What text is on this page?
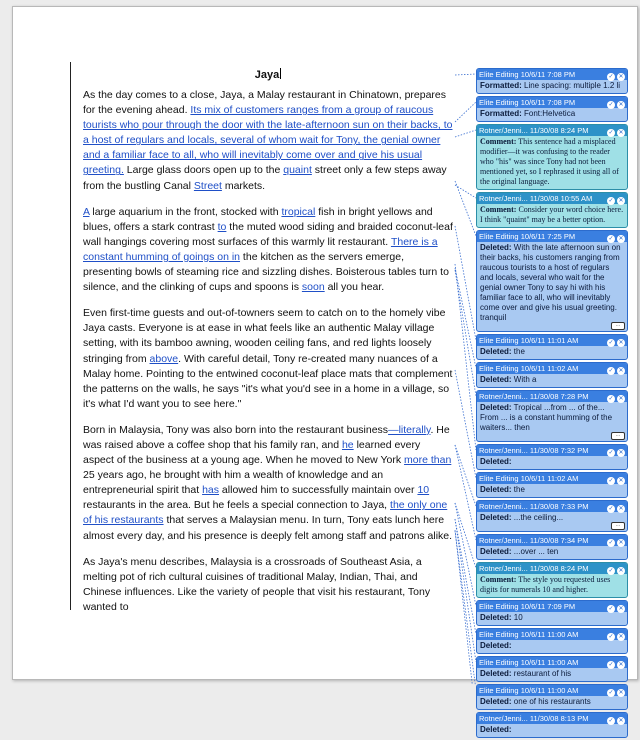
Jaya

As the day comes to a close, Jaya, a Malay restaurant in Chinatown, prepares for the evening ahead. Its mix of customers ranges from a group of raucous tourists who pour through the door with the late-afternoon sun on their backs, to a host of regulars and locals, several of whom wait for Tony, the genial owner and a familiar face to all, who will inevitably come over and give his usual greeting. Large glass doors open up to the quaint street only a few steps away from the bustling Canal Street markets.

A large aquarium in the front, stocked with tropical fish in bright yellows and blues, offers a stark contrast to the muted wood siding and braided coconut-leaf wall hangings covering most surfaces of this warmly lit restaurant. There is a constant humming of goings on in the kitchen as the servers emerge, presenting bowls of steaming rice and sizzling dishes. Boisterous tables turn to silence, and the clinking of cups and spoons is soon all you hear.

Even first-time guests and out-of-towners seem to catch on to the homely vibe Jaya casts. Everyone is at ease in what feels like an authentic Malay village setting, with its bamboo awning, wooden ceiling fans, and red lights loosely stringing from above. With careful detail, Tony re-created many nuances of a Malay home. Pointing to the entwined coconut-leaf place mats that complement the patterns on the walls, he says "it's what you'd see in a home in a village, so it's what I'd want you to see here."

Born in Malaysia, Tony was also born into the restaurant business—literally. He was raised above a coffee shop that his family ran, and he learned every aspect of the business at a young age. When he moved to New York more than 25 years ago, he brought with him a wealth of knowledge and an entrepreneurial spirit that has allowed him to successfully maintain over 10 restaurants in the area. But he feels a special connection to Jaya, the only one of his restaurants that serves a Malaysian menu. In turn, Tony eats lunch here almost every day, and his presence is deeply felt among staff and patrons alike.

As Jaya's menu describes, Malaysia is a crossroads of Southeast Asia, a melting pot of rich cultural cuisines of traditional Malay, Indian, Thai, and Chinese influences. Like the variety of people that visit his restaurant, Tony wanted to

Elite Editing 10/6/11 7:08 PM	✓ ✕
Formatted: Line spacing: multiple 1.2 li
Elite Editing 10/6/11 7:08 PM	✓ ✕
Formatted: Font:Helvetica
Rotner/Jenni... 11/30/08 8:24 PM	✓ ✕
Comment: This sentence had a misplaced modifier—it was confusing to the reader who "his" was since Tony had not been mentioned yet, so I rephrased it using all of the original language.
Rotner/Jenni... 11/30/08 10:55 AM	✓ ✕
Comment: Consider your word choice here. I think "quaint" may be a better option.
Elite Editing 10/6/11 7:25 PM	✓ ✕
Deleted: With the late afternoon sun on their backs, his customers ranging from raucous tourists to a host of regulars and locals, several who wait for the genial owner Tony to say hi with his familiar face to all, who will inevitably come over and give his usual greeting. tranquil
...
Elite Editing 10/6/11 11:01 AM	✓ ✕
Deleted: the
Elite Editing 10/6/11 11:02 AM	✓ ✕
Deleted: With a
Rotner/Jenni... 11/30/08 7:28 PM	✓ ✕
Deleted: Tropical ...from ... of the... From ... is a constant humming of the waiters... then
...
Rotner/Jenni... 11/30/08 7:32 PM	✓ ✕
Deleted:
Elite Editing 10/6/11 11:02 AM	✓ ✕
Deleted: the
Rotner/Jenni... 11/30/08 7:33 PM	✓ ✕
Deleted: ...the ceiling...
...
Rotner/Jenni... 11/30/08 7:34 PM	✓ ✕
Deleted: ...over ... ten
Rotner/Jenni... 11/30/08 8:24 PM	✓ ✕
Comment: The style you requested uses digits for numerals 10 and higher.
Elite Editing 10/6/11 7:09 PM	✓ ✕
Deleted: 10
Elite Editing 10/6/11 11:00 AM	✓ ✕
Deleted:
Elite Editing 10/6/11 11:00 AM	✓ ✕
Deleted: restaurant of his
Elite Editing 10/6/11 11:00 AM	✓ ✕
Deleted: one of his restaurants
Rotner/Jenni... 11/30/08 8:13 PM	✓ ✕
Deleted:
